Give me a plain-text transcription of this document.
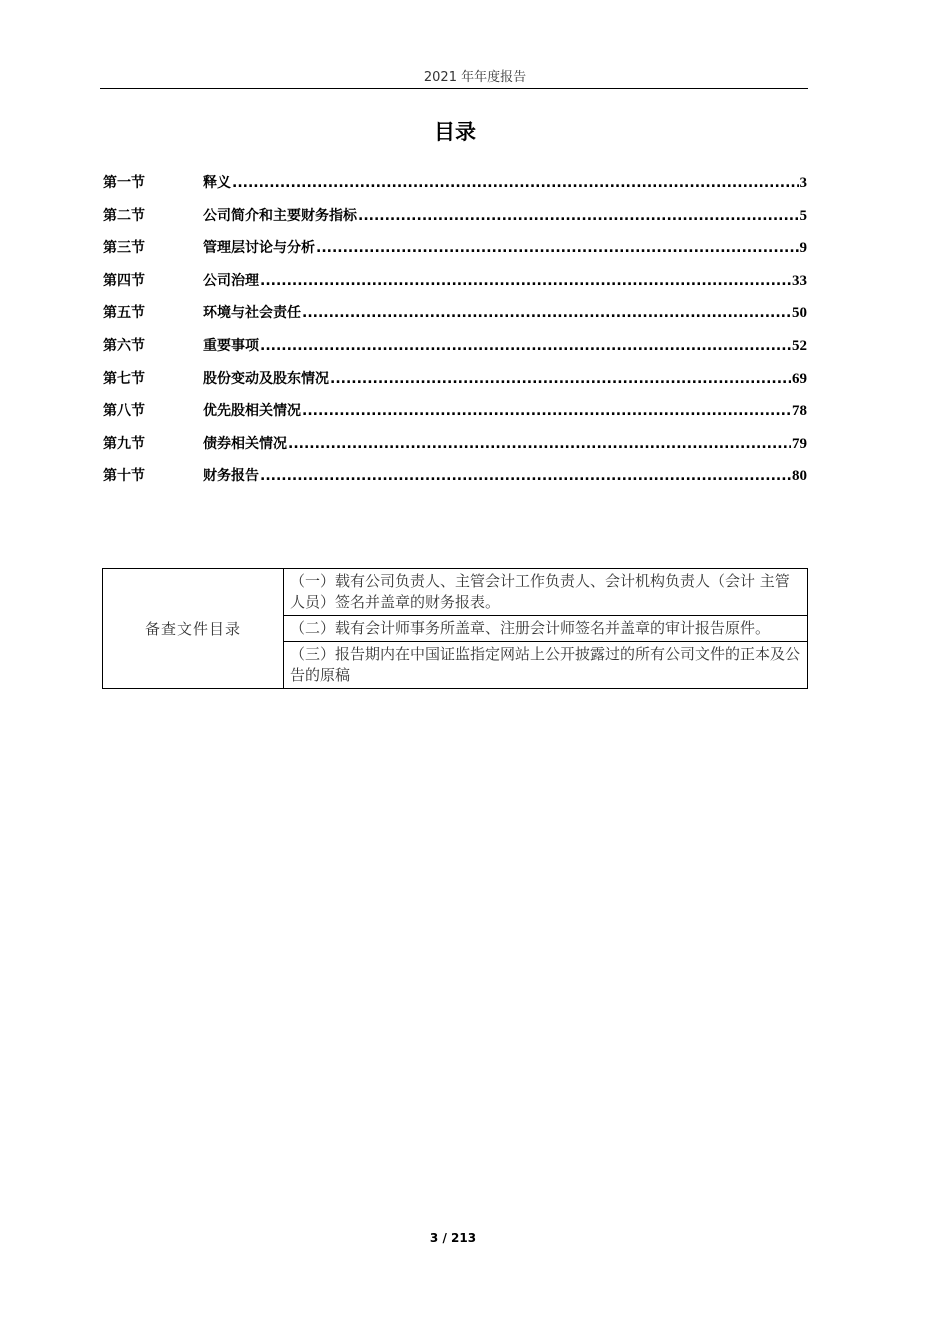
2021 年年度报告
目录
第一节	释义 .....	3
第二节	公司简介和主要财务指标 .....	5
第三节	管理层讨论与分析 .....	9
第四节	公司治理 .....	33
第五节	环境与社会责任 .....	50
第六节	重要事项 .....	52
第七节	股份变动及股东情况 .....	69
第八节	优先股相关情况 .....	78
第九节	债券相关情况 .....	79
第十节	财务报告 .....	80
备查文件目录	（一）载有公司负责人、主管会计工作负责人、会计机构负责人（会计 主管人员）签名并盖章的财务报表。
（二）载有会计师事务所盖章、注册会计师签名并盖章的审计报告原件。
（三）报告期内在中国证监指定网站上公开披露过的所有公司文件的正本及公告的原稿
3 / 213
